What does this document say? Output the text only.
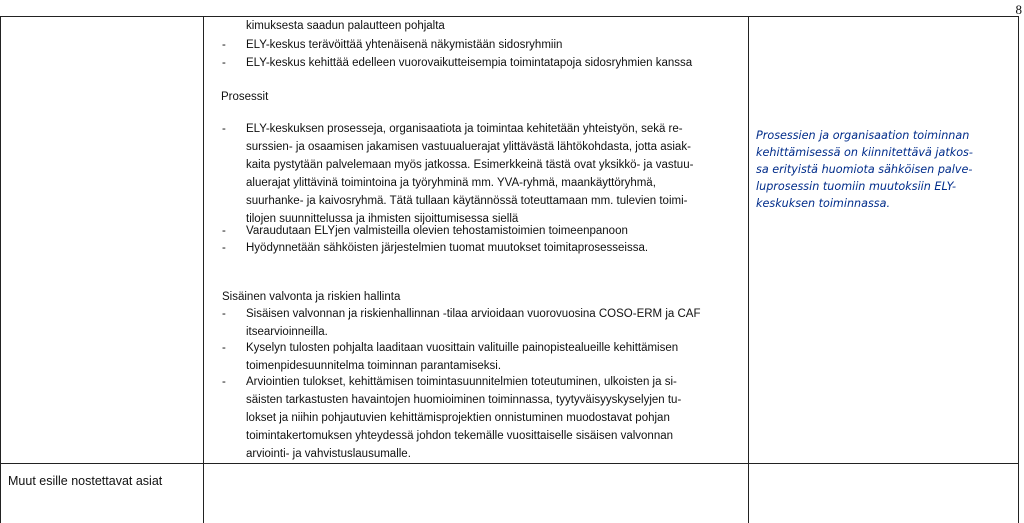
8
kimuksesta saadun palautteen pohjalta
- ELY-keskus terävöittää yhtenäisenä näkymistään sidosryhmiin
- ELY-keskus kehittää edelleen vuorovaikutteisempia toimintatapoja sidosryhmien kanssa
Prosessit
- ELY-keskuksen prosesseja, organisaatiota ja toimintaa kehitetään yhteistyön, sekä re-
surssien- ja osaamisen jakamisen vastuualuerajat ylittävästä lähtökohdasta, jotta asiak-
kaita pystytään palvelemaan myös jatkossa. Esimerkkeinä tästä ovat yksikkö- ja vastuu-
aluerajat ylittävinä toimintoina ja työryhminä mm. YVA-ryhmä, maankäyttöryhmä,
suurhanke- ja kaivosryhmä. Tätä tullaan käytännössä toteuttamaan mm. tulevien toimi-
tilojen suunnittelussa ja ihmisten sijoittumisessa siellä
- Varaudutaan ELYjen valmisteilla olevien tehostamistoimien toimeenpanoon
- Hyödynnetään sähköisten järjestelmien tuomat muutokset toimitaprosesseissa.
Prosessien ja organisaation toiminnan
kehittämisessä on kiinnitettävä jatkos-
sa erityistä huomiota sähköisen palve-
luprosessin tuomiin muutoksiin ELY-
keskuksen toiminnassa.
Sisäinen valvonta ja riskien hallinta
- Sisäisen valvonnan ja riskienhallinnan -tilaa arvioidaan vuorovuosina COSO-ERM ja CAF
itsearvioinneilla.
- Kyselyn tulosten pohjalta laaditaan vuosittain valituille painopistealueille kehittämisen
toimenpidesuunnitelma toiminnan parantamiseksi.
- Arviointien tulokset, kehittämisen toimintasuunnitelmien toteutuminen, ulkoisten ja si-
säisten tarkastusten havaintojen huomioiminen toiminnassa, tyytyväisyyskyselyjen tu-
lokset ja niihin pohjautuvien kehittämisprojektien onnistuminen muodostavat pohjan
toimintakertomuksen yhteydessä johdon tekemälle vuosittaiselle sisäisen valvonnan
arviointi- ja vahvistuslausumalle.
Muut esille nostettavat asiat
